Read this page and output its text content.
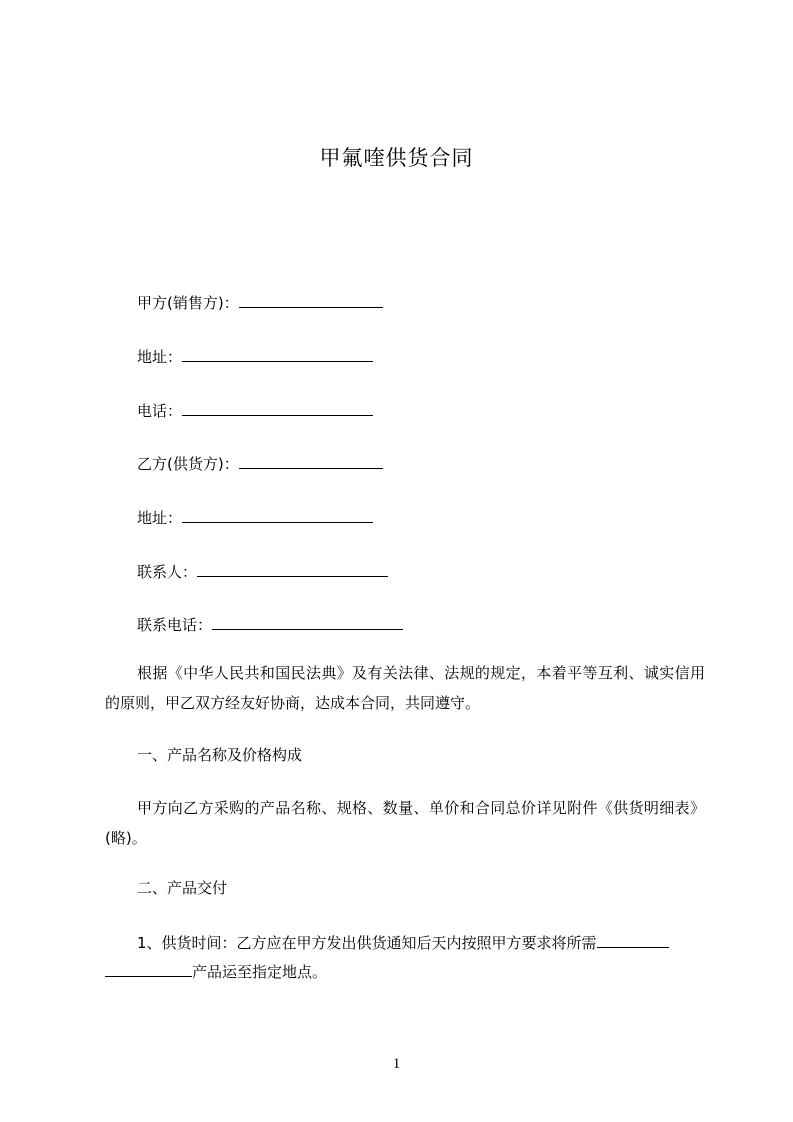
甲氟喹供货合同
甲方(销售方)：
地址：
电话：
乙方(供货方)：
地址：
联系人：
联系电话：
根据《中华人民共和国民法典》及有关法律、法规的规定，本着平等互利、诚实信用的原则，甲乙双方经友好协商，达成本合同，共同遵守。
一、产品名称及价格构成
甲方向乙方采购的产品名称、规格、数量、单价和合同总价详见附件《供货明细表》(略)。
二、产品交付
1、供货时间：乙方应在甲方发出供货通知后天内按照甲方要求将所需
产品运至指定地点。
1
